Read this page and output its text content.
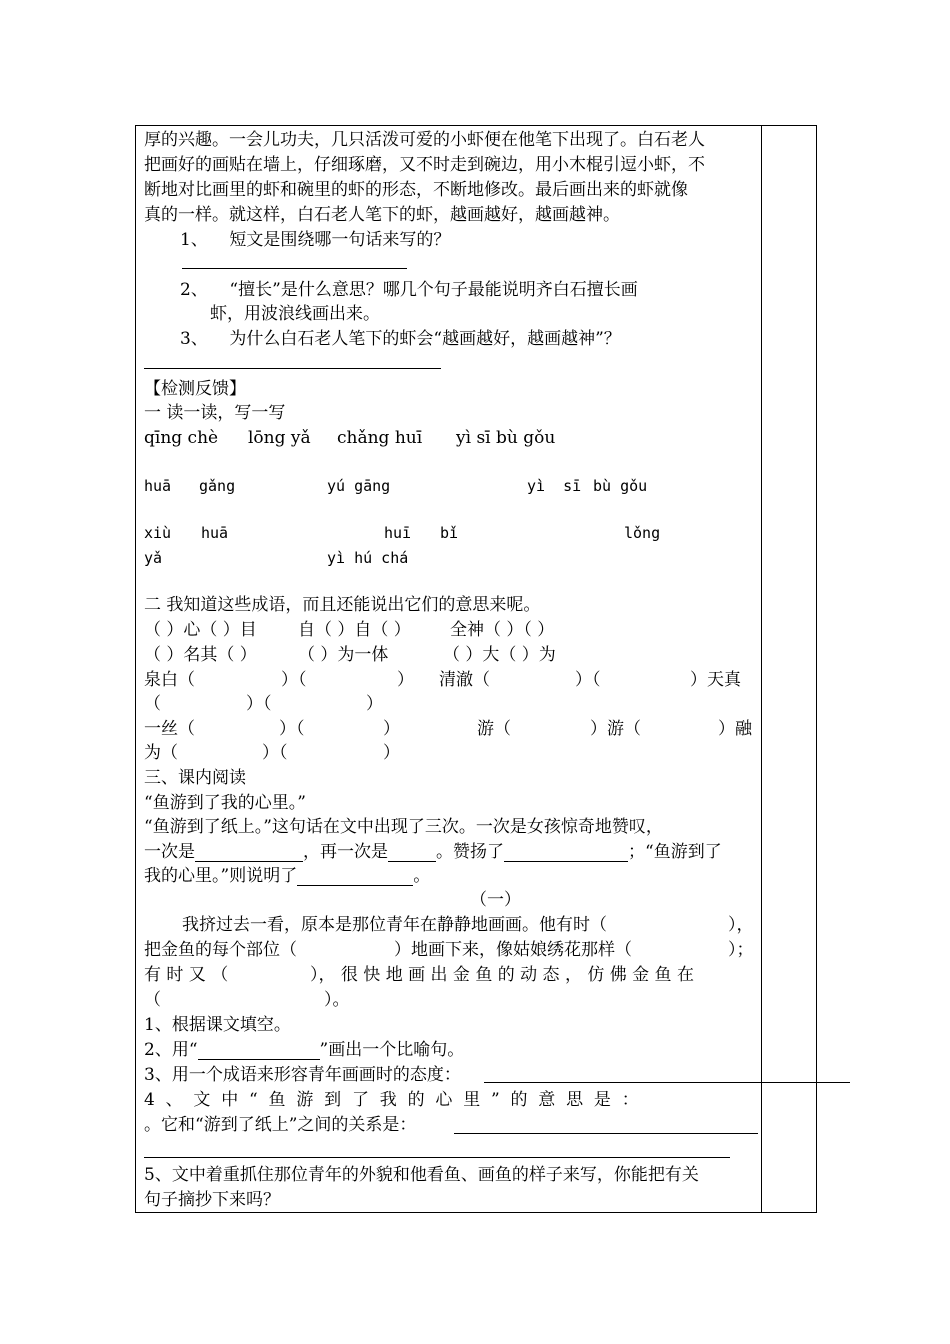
厚的兴趣。一会儿功夫，几只活泼可爱的小虾便在他笔下出现了。白石老人
把画好的画贴在墙上，仔细琢磨，又不时走到碗边，用小木棍引逗小虾，不
断地对比画里的虾和碗里的虾的形态，不断地修改。最后画出来的虾就像
真的一样。就这样，白石老人笔下的虾，越画越好，越画越神。
1、    短文是围绕哪一句话来写的？
2、    “擅长”是什么意思？哪几个句子最能说明齐白石擅长画
虾，用波浪线画出来。
3、    为什么白石老人笔下的虾会“越画越好，越画越神”？
【检测反馈】
一 读一读，写一写
qīng chè lōng yǎ chǎng huī yì sī bù gǒu
huā gǎng	yú gāng	yì  sī bù gǒu
xiù huā	huī bǐ	lǒng
yǎ	yì hú chá
二 我知道这些成语，而且还能说出它们的意思来呢。
（ ）心（ ）目 自（ ）自（ ） 全神（ ）（ ）
（ ）名其（ ） （ ）为一体	（ ）大（ ）为
泉白（	）（	） 清澈（	）（	）天真
（	）（	）
一丝（	）（	）	游（	）游（	）融
为（	）（	）
三、课内阅读
“鱼游到了我的心里。”
“鱼游到了纸上。”这句话在文中出现了三次。一次是女孩惊奇地赞叹，
一次是	，再一次是	。赞扬了	；“鱼游到了
我的心里。”则说明了	。
（一）
我挤过去一看，原本是那位青年在静静地画画。他有时（	），
把金鱼的每个部位（	）地画下来，像姑娘绣花那样（	）；
有 时 又 （	）， 很 快 地 画 出 金 鱼 的 动 态 ， 仿 佛 金 鱼 在
（	）。
1、根据课文填空。
2、用“	”画出一个比喻句。
3、用一个成语来形容青年画画时的态度：
4  、  文  中  “  鱼  游  到  了  我  的  心  里  ”  的  意  思  是  ：
。它和“游到了纸上”之间的关系是：
5、文中着重抓住那位青年的外貌和他看鱼、画鱼的样子来写，你能把有关
句子摘抄下来吗？
